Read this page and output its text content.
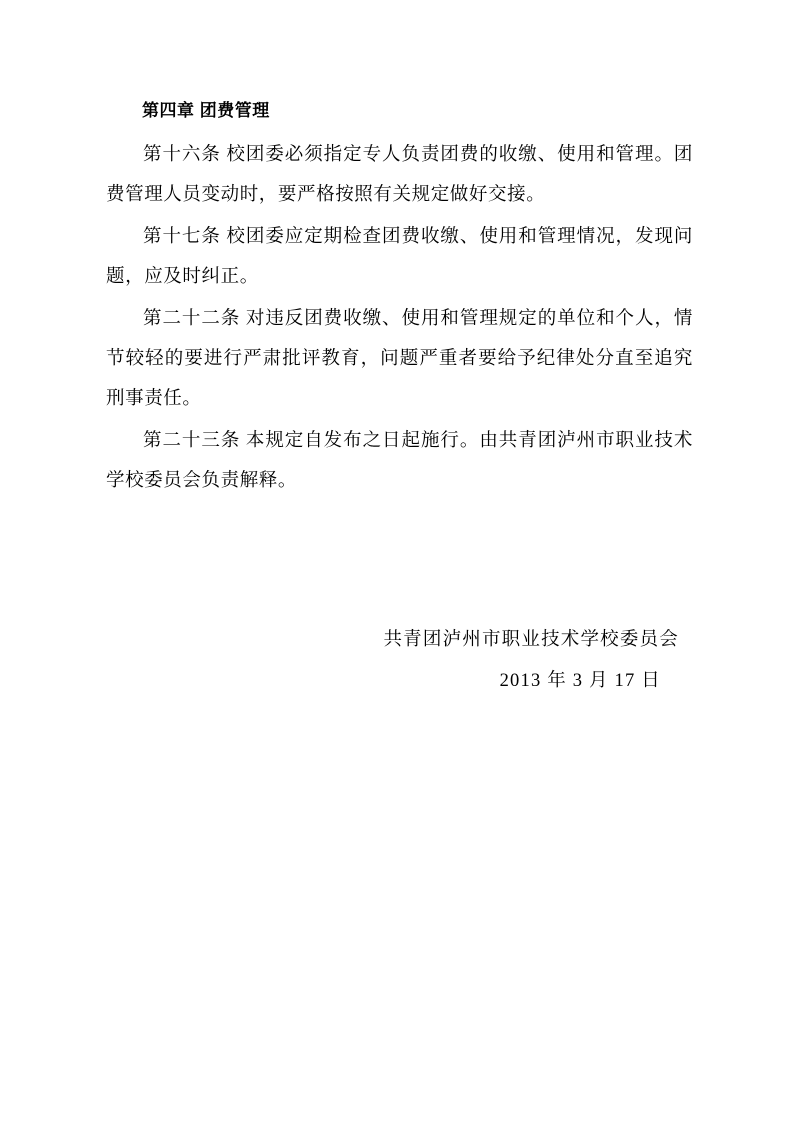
第四章 团费管理

第十六条 校团委必须指定专人负责团费的收缴、使用和管理。团费管理人员变动时，要严格按照有关规定做好交接。

第十七条 校团委应定期检查团费收缴、使用和管理情况，发现问题，应及时纠正。

第二十二条 对违反团费收缴、使用和管理规定的单位和个人，情节较轻的要进行严肃批评教育，问题严重者要给予纪律处分直至追究刑事责任。

第二十三条 本规定自发布之日起施行。由共青团泸州市职业技术学校委员会负责解释。

共青团泸州市职业技术学校委员会
2013 年 3 月 17 日
